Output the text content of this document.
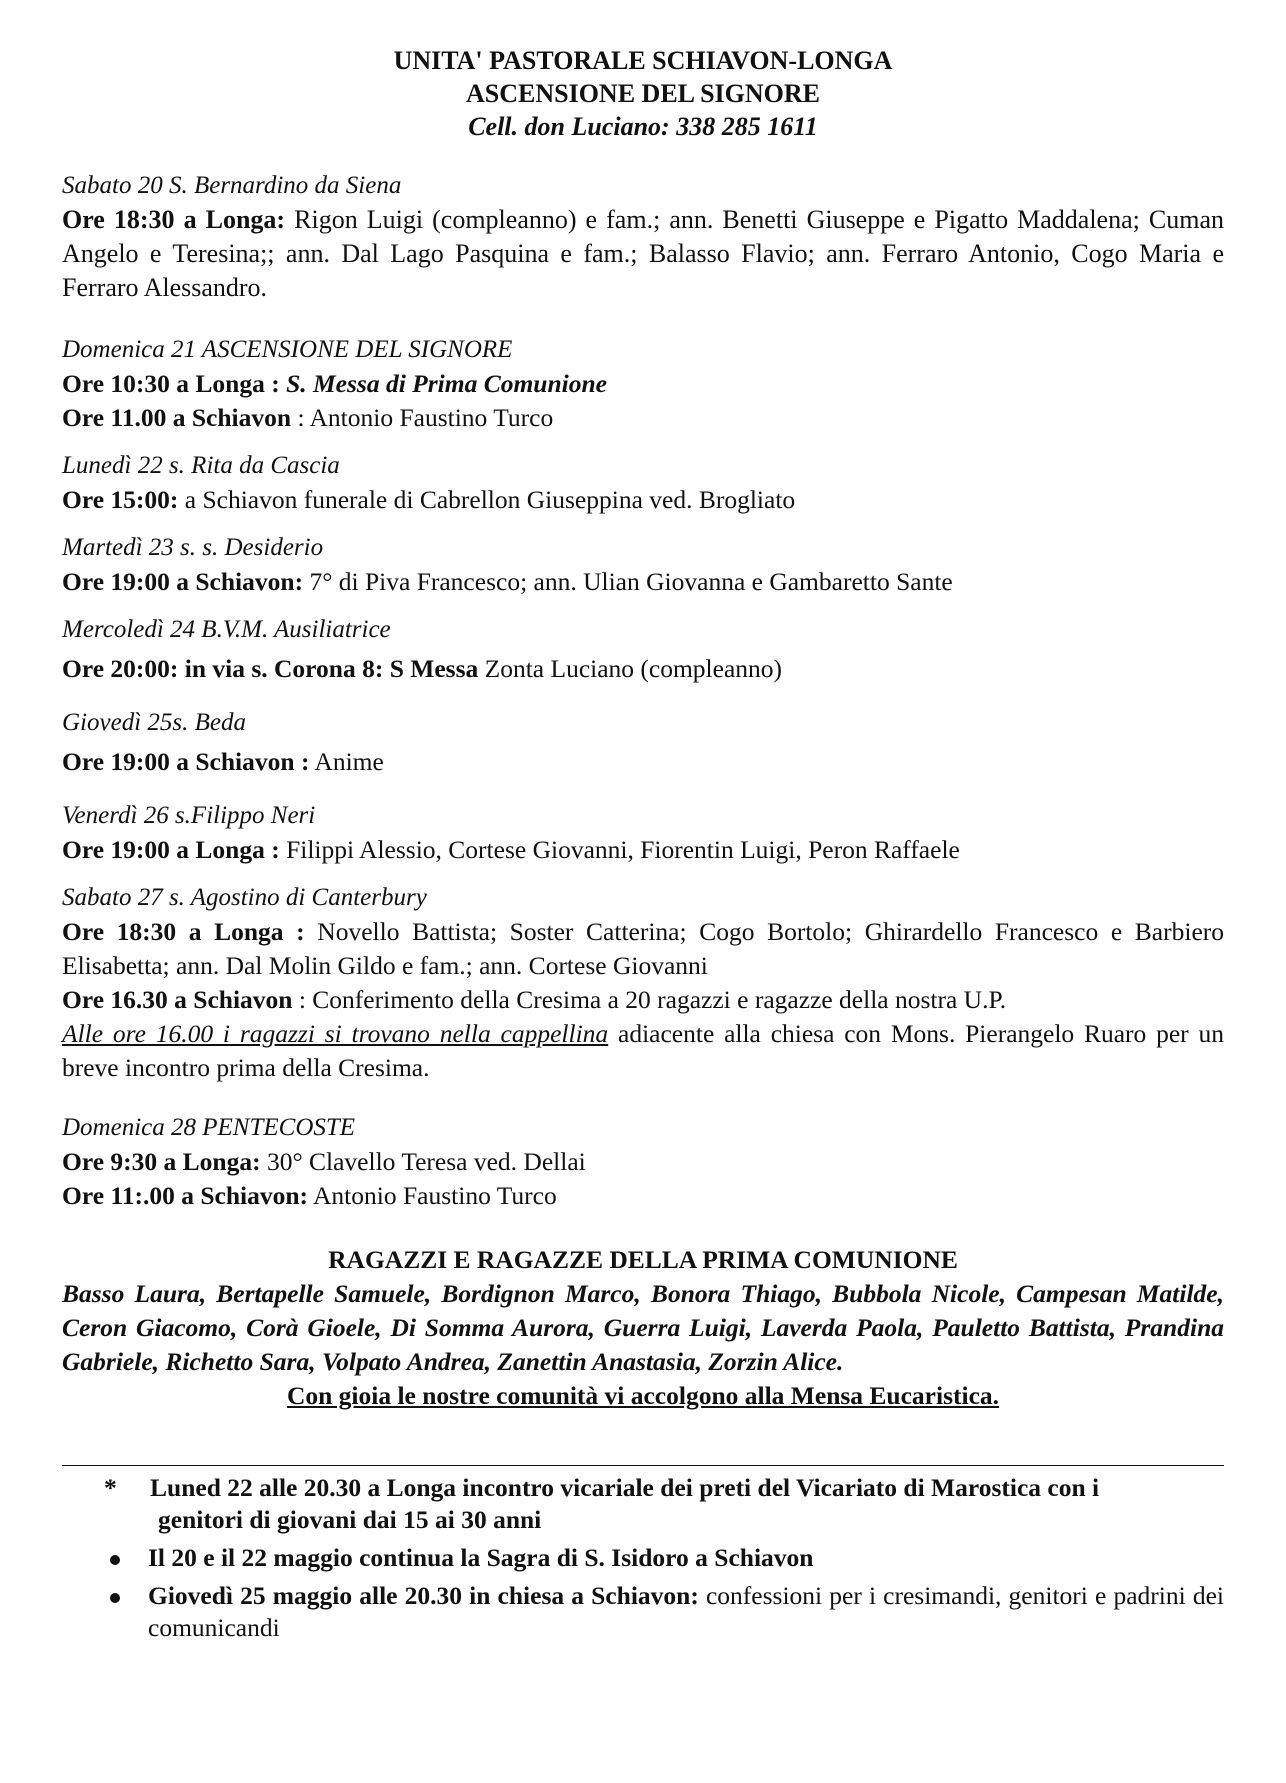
UNITA' PASTORALE SCHIAVON-LONGA
ASCENSIONE DEL SIGNORE
Cell. don Luciano: 338 285 1611
Sabato 20 S. Bernardino da Siena
Ore 18:30 a Longa: Rigon Luigi (compleanno) e fam.; ann. Benetti Giuseppe e Pigatto Maddalena; Cuman Angelo e Teresina;; ann. Dal Lago Pasquina e fam.; Balasso Flavio; ann. Ferraro Antonio, Cogo Maria e Ferraro Alessandro.
Domenica 21 ASCENSIONE DEL SIGNORE
Ore 10:30 a Longa : S. Messa di Prima Comunione
Ore 11.00 a Schiavon : Antonio Faustino Turco
Lunedì 22 s. Rita da Cascia
Ore 15:00: a Schiavon funerale di Cabrellon Giuseppina ved. Brogliato
Martedì 23 s. s. Desiderio
Ore 19:00 a Schiavon: 7° di Piva Francesco; ann. Ulian Giovanna e Gambaretto Sante
Mercoledì 24 B.V.M. Ausiliatrice
Ore 20:00: in via s. Corona 8: S Messa Zonta Luciano (compleanno)
Giovedì 25s. Beda
Ore 19:00 a Schiavon : Anime
Venerdì 26 s.Filippo Neri
Ore 19:00 a Longa : Filippi Alessio, Cortese Giovanni, Fiorentin Luigi, Peron Raffaele
Sabato 27 s. Agostino di Canterbury
Ore 18:30 a Longa : Novello Battista; Soster Catterina; Cogo Bortolo; Ghirardello Francesco e Barbiero Elisabetta; ann. Dal Molin Gildo e fam.; ann. Cortese Giovanni
Ore 16.30 a Schiavon : Conferimento della Cresima a 20 ragazzi e ragazze della nostra U.P.
Alle ore 16.00 i ragazzi si trovano nella cappellina adiacente alla chiesa con Mons. Pierangelo Ruaro per un breve incontro prima della Cresima.
Domenica 28 PENTECOSTE
Ore 9:30 a Longa: 30° Clavello Teresa ved. Dellai
Ore 11:.00 a Schiavon: Antonio Faustino Turco
RAGAZZI E RAGAZZE DELLA PRIMA COMUNIONE
Basso Laura, Bertapelle Samuele, Bordignon Marco, Bonora Thiago, Bubbola Nicole, Campesan Matilde, Ceron Giacomo, Corà Gioele, Di Somma Aurora, Guerra Luigi, Laverda Paola, Pauletto Battista, Prandina Gabriele, Richetto Sara, Volpato Andrea, Zanettin Anastasia, Zorzin Alice.
Con gioia le nostre comunità vi accolgono alla Mensa Eucaristica.
* Luned 22 alle 20.30 a Longa incontro vicariale dei preti del Vicariato di Marostica con i
genitori di giovani dai 15 ai 30 anni
Il 20 e il 22 maggio continua la Sagra di S. Isidoro a Schiavon
Giovedì 25 maggio alle 20.30 in chiesa a Schiavon: confessioni per i cresimandi, genitori e padrini dei comunicandi
